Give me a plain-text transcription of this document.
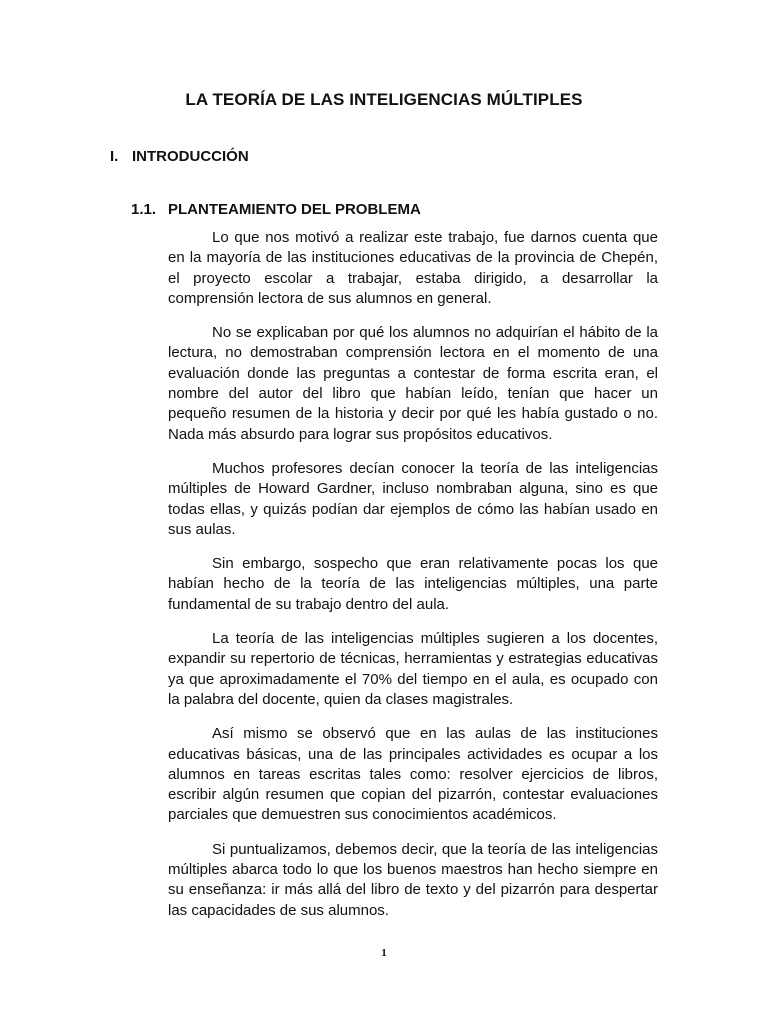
LA TEORÍA DE LAS INTELIGENCIAS MÚLTIPLES
I. INTRODUCCIÓN
1.1. PLANTEAMIENTO DEL PROBLEMA

Lo que nos motivó a realizar este trabajo, fue darnos cuenta que en la mayoría de las instituciones educativas de la provincia de Chepén, el proyecto escolar a trabajar, estaba dirigido, a desarrollar la comprensión lectora de sus alumnos en general.

No se explicaban por qué los alumnos no adquirían el hábito de la lectura, no demostraban comprensión lectora en el momento de una evaluación donde las preguntas a contestar de forma escrita eran, el nombre del autor del libro que habían leído, tenían que hacer un pequeño resumen de la historia y decir por qué les había gustado o no. Nada más absurdo para lograr sus propósitos educativos.

Muchos profesores decían conocer la teoría de las inteligencias múltiples de Howard Gardner, incluso nombraban alguna, sino es que todas ellas, y quizás podían dar ejemplos de cómo las habían usado en sus aulas.

Sin embargo, sospecho que eran relativamente pocas los que habían hecho de la teoría de las inteligencias múltiples, una parte fundamental de su trabajo dentro del aula.

La teoría de las inteligencias múltiples sugieren a los docentes, expandir su repertorio de técnicas, herramientas y estrategias educativas ya que aproximadamente el 70% del tiempo en el aula, es ocupado con la palabra del docente, quien da clases magistrales.

Así mismo se observó que en las aulas de las instituciones educativas básicas, una de las principales actividades es ocupar a los alumnos en tareas escritas tales como: resolver ejercicios de libros, escribir algún resumen que copian del pizarrón, contestar evaluaciones parciales que demuestren sus conocimientos académicos.

Si puntualizamos, debemos decir, que la teoría de las inteligencias múltiples abarca todo lo que los buenos maestros han hecho siempre en su enseñanza: ir más allá del libro de texto y del pizarrón para despertar las capacidades de sus alumnos.

1
